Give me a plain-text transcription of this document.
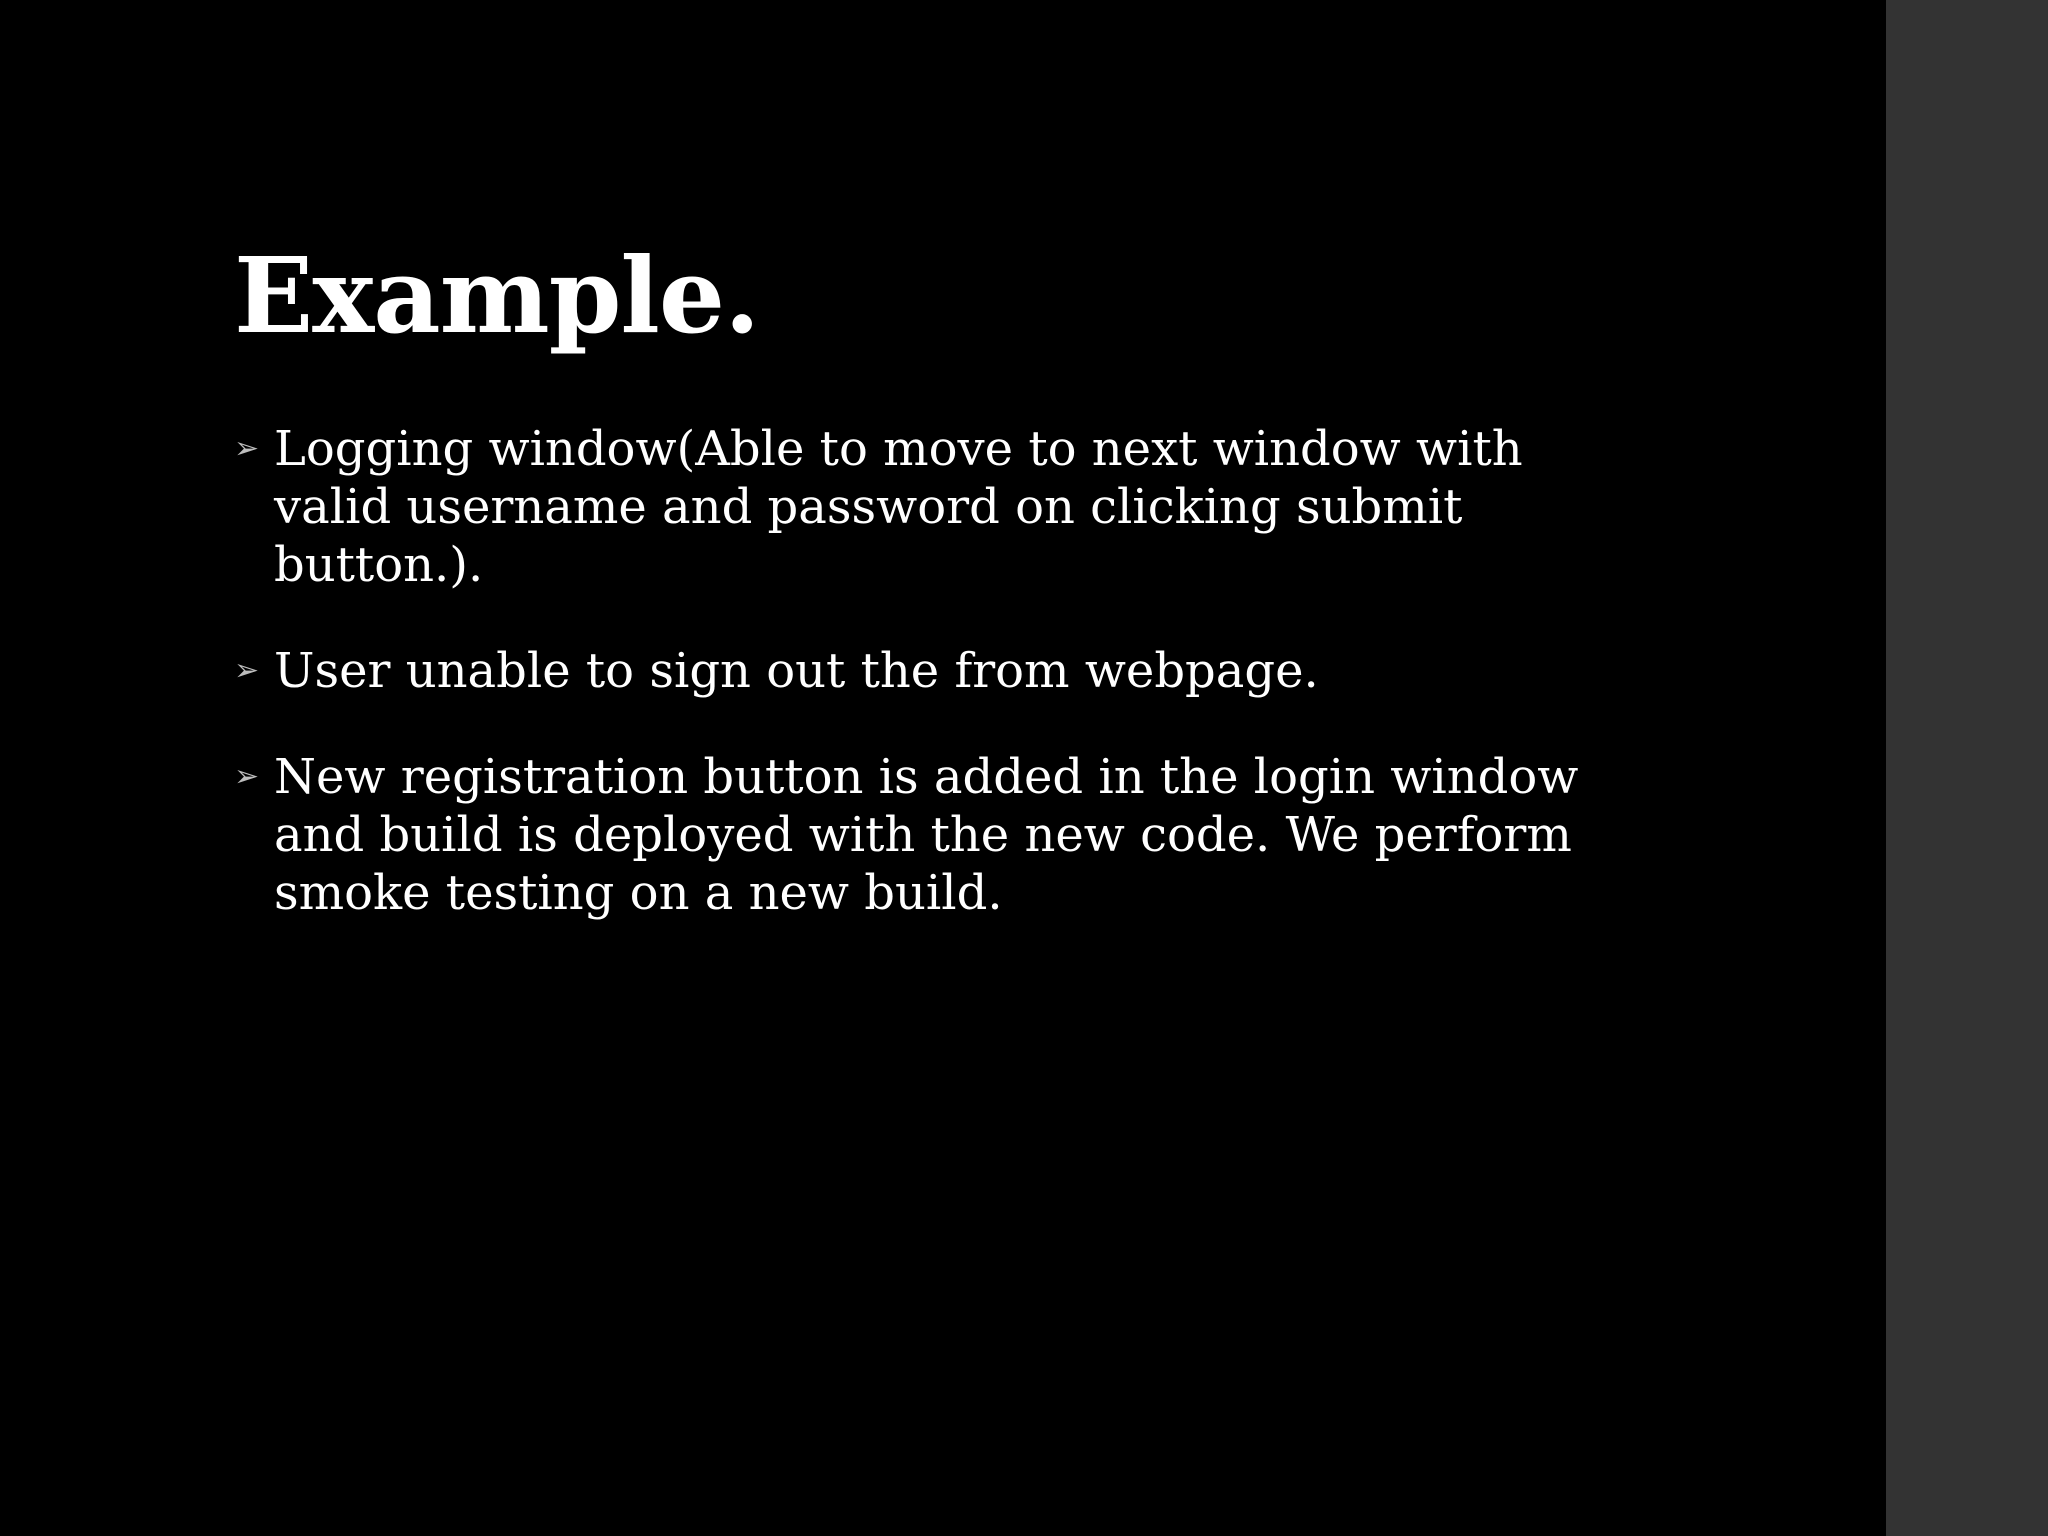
Example.
➢ Logging window(Able to move to next window with valid username and password on clicking submit button.).
➢ User unable to sign out the from webpage.
➢ New registration button is added in the login window and build is deployed with the new code. We perform smoke testing on a new build.
